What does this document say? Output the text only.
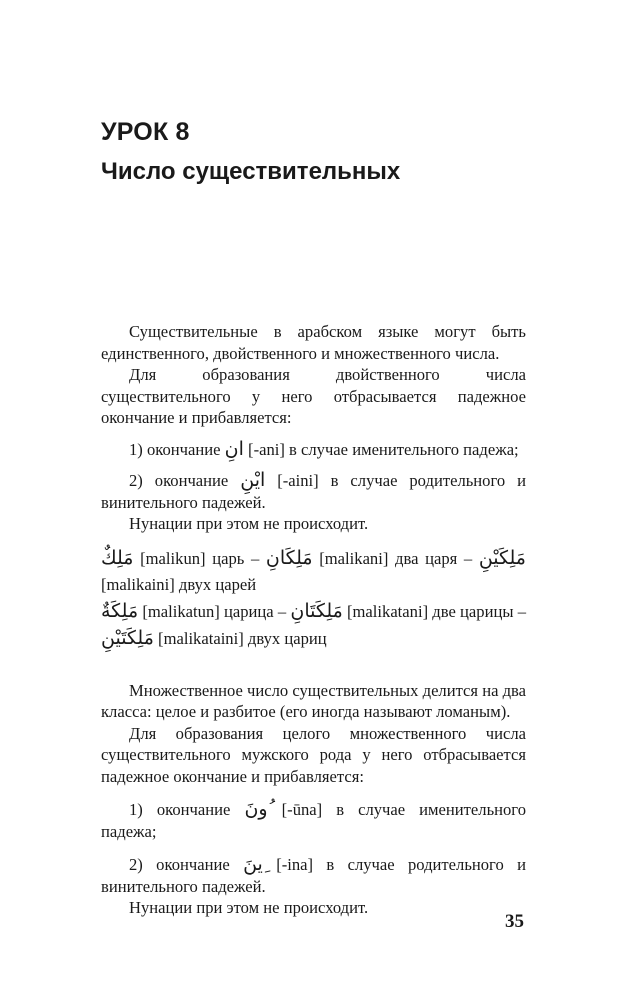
УРОК 8
Число существительных

Существительные в арабском языке могут быть единственного, двойственного и множественного числа.

Для образования двойственного числа существительного у него отбрасывается падежное окончание и прибавляется:

1) окончание انِ [-ani] в случае именительного падежа;

2) окончание ايْنِ [-aini] в случае родительного и винительного падежей.

Нунации при этом не происходит.

مَلِكٌ [malikun] царь – مَلِكَانِ [malikani] два царя – مَلِكَيْنِ [malikaini] двух царей

مَلِكَةٌ [malikatun] царица – مَلِكَتَانِ [malikatani] две царицы – مَلِكَتَيْنِ [malikataini] двух цариц

Множественное число существительных делится на два класса: целое и разбитое (его иногда называют ломаным).

Для образования целого множественного числа существительного мужского рода у него отбрасывается падежное окончание и прибавляется:

1) окончание ُونَ [-ūna] в случае именительного падежа;

2) окончание ِينَ [-ina] в случае родительного и винительного падежей.

Нунации при этом не происходит.

35
